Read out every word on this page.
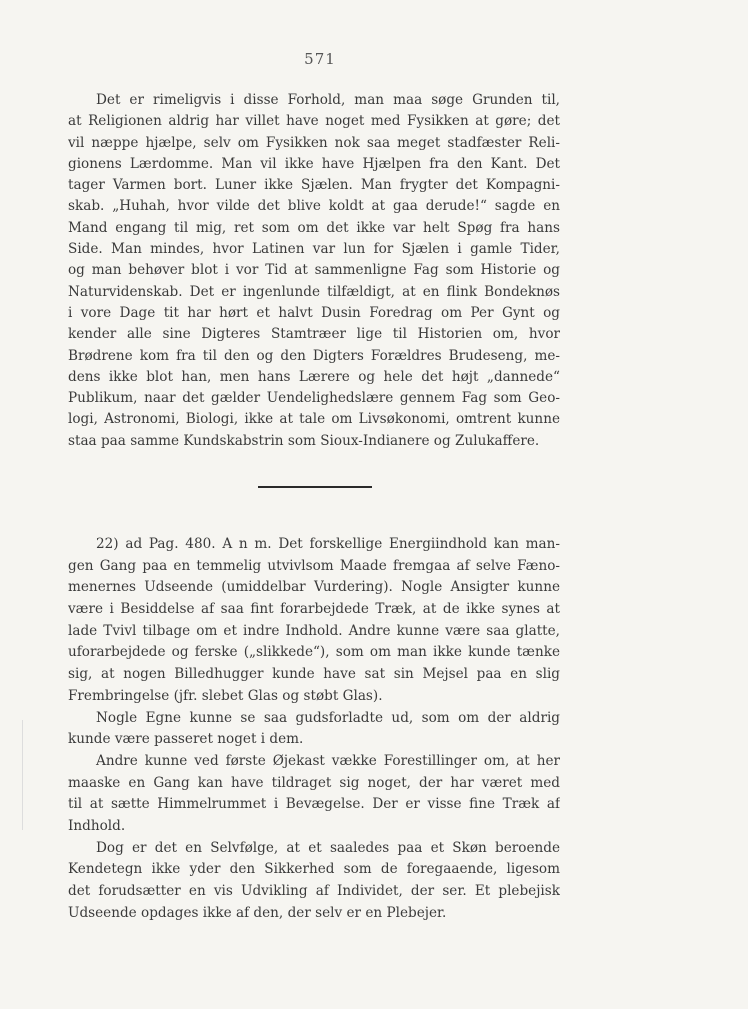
571
Det er rimeligvis i disse Forhold, man maa søge Grunden til,
at Religionen aldrig har villet have noget med Fysikken at gøre; det
vil næppe hjælpe, selv om Fysikken nok saa meget stadfæster Reli-
gionens Lærdomme. Man vil ikke have Hjælpen fra den Kant. Det
tager Varmen bort. Luner ikke Sjælen. Man frygter det Kompagni-
skab. „Huhah, hvor vilde det blive koldt at gaa derude!“ sagde en
Mand engang til mig, ret som om det ikke var helt Spøg fra hans
Side. Man mindes, hvor Latinen var lun for Sjælen i gamle Tider,
og man behøver blot i vor Tid at sammenligne Fag som Historie og
Naturvidenskab. Det er ingenlunde tilfældigt, at en flink Bondeknøs
i vore Dage tit har hørt et halvt Dusin Foredrag om Per Gynt og
kender alle sine Digteres Stamtræer lige til Historien om, hvor
Brødrene kom fra til den og den Digters Forældres Brudeseng, me-
dens ikke blot han, men hans Lærere og hele det højt „dannede“
Publikum, naar det gælder Uendelighedslære gennem Fag som Geo-
logi, Astronomi, Biologi, ikke at tale om Livsøkonomi, omtrent kunne
staa paa samme Kundskabstrin som Sioux-Indianere og Zulukaffere.
22) ad Pag. 480. A n m. Det forskellige Energiindhold kan man-
gen Gang paa en temmelig utvivlsom Maade fremgaa af selve Fæno-
menernes Udseende (umiddelbar Vurdering). Nogle Ansigter kunne
være i Besiddelse af saa fint forarbejdede Træk, at de ikke synes at
lade Tvivl tilbage om et indre Indhold. Andre kunne være saa glatte,
uforarbejdede og ferske („slikkede“), som om man ikke kunde tænke
sig, at nogen Billedhugger kunde have sat sin Mejsel paa en slig
Frembringelse (jfr. slebet Glas og støbt Glas).
Nogle Egne kunne se saa gudsforladte ud, som om der aldrig
kunde være passeret noget i dem.
Andre kunne ved første Øjekast vække Forestillinger om, at her
maaske en Gang kan have tildraget sig noget, der har været med
til at sætte Himmelrummet i Bevægelse. Der er visse fine Træk af
Indhold.
Dog er det en Selvfølge, at et saaledes paa et Skøn beroende
Kendetegn ikke yder den Sikkerhed som de foregaaende, ligesom
det forudsætter en vis Udvikling af Individet, der ser. Et plebejisk
Udseende opdages ikke af den, der selv er en Plebejer.
